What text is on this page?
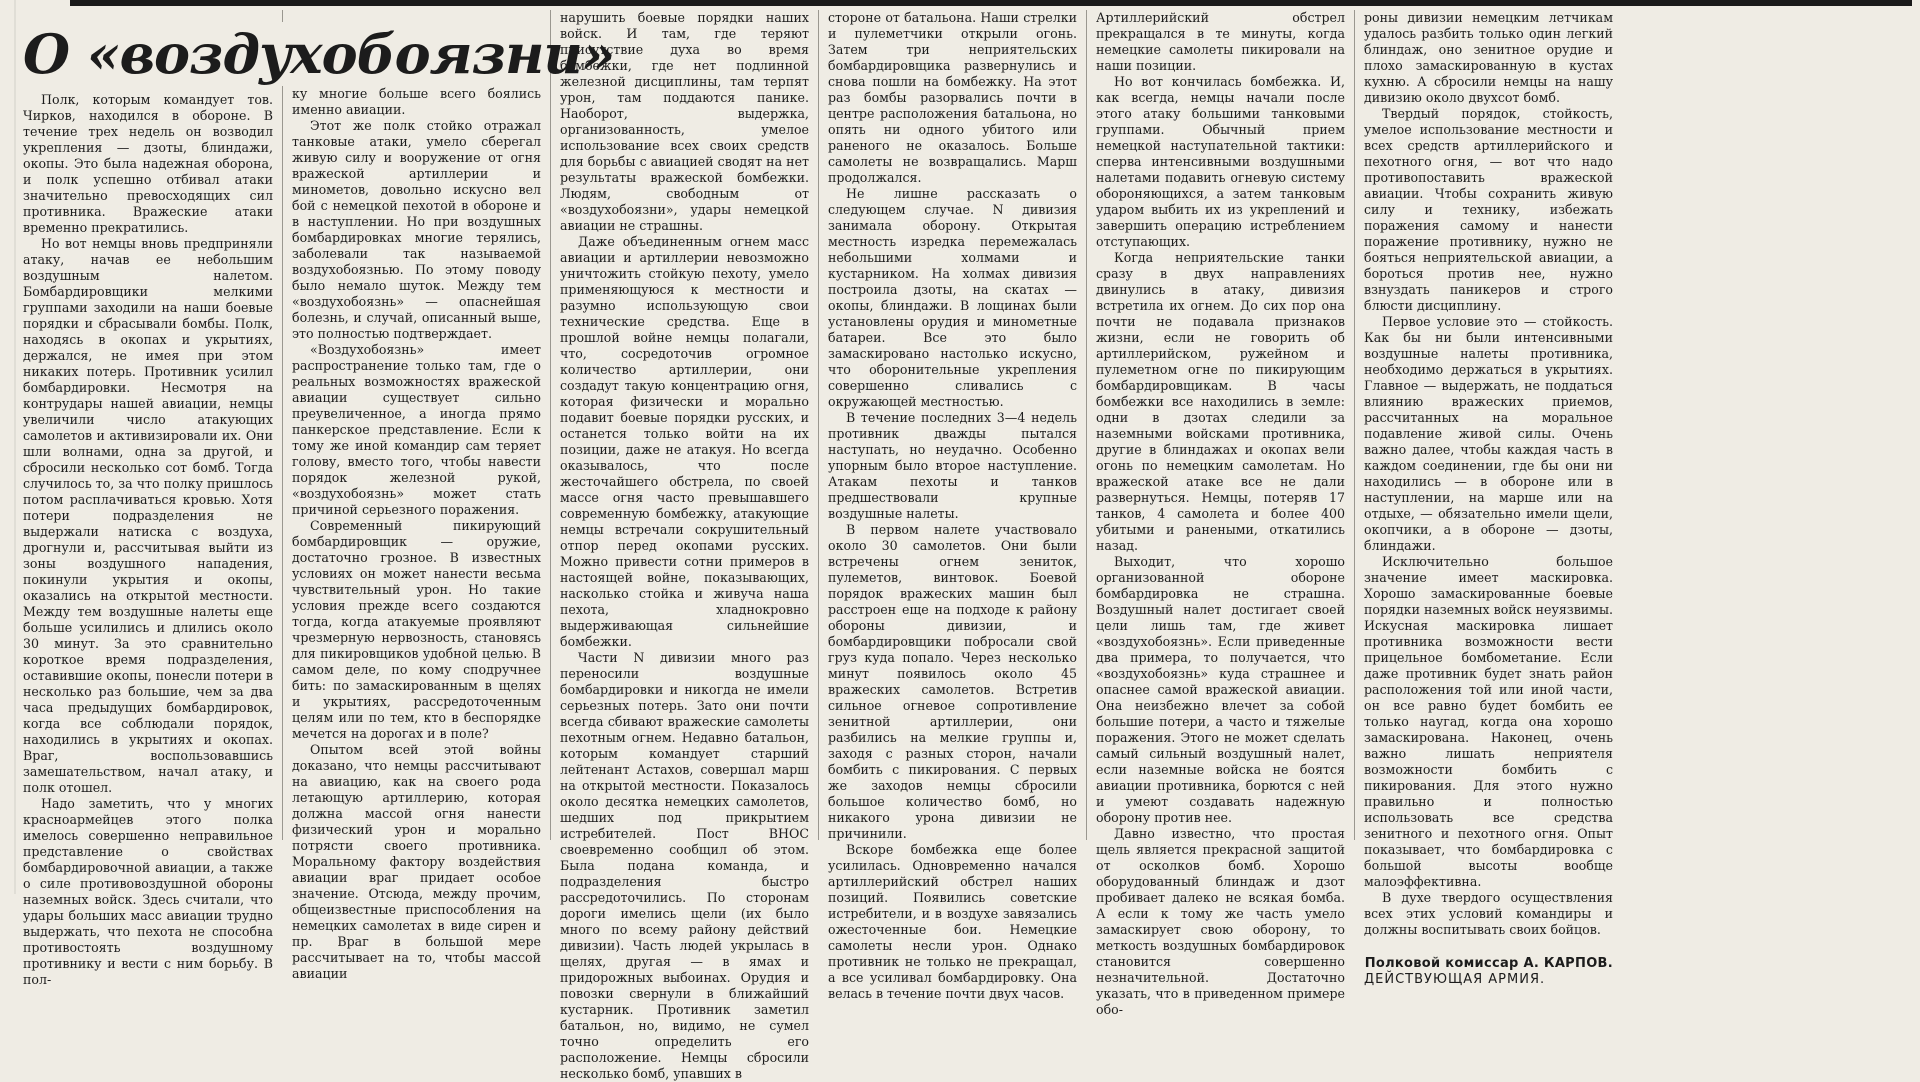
О «воздухобоязни»

Полк, которым командует тов. Чирков, находился в обороне. В течение трех недель он возводил укрепления — дзоты, блиндажи, окопы. Это была надежная оборона, и полк успешно отбивал атаки значительно превосходящих сил противника. Вражеские атаки временно прекратились.

Но вот немцы вновь предприняли атаку, начав ее небольшим воздушным налетом. Бомбардировщики мелкими группами заходили на наши боевые порядки и сбрасывали бомбы. Полк, находясь в окопах и укрытиях, держался, не имея при этом никаких потерь. Противник усилил бомбардировки. Несмотря на контрудары нашей авиации, немцы увеличили число атакующих самолетов и активизировали их. Они шли волнами, одна за другой, и сбросили несколько сот бомб. Тогда случилось то, за что полку пришлось потом расплачиваться кровью. Хотя потери подразделения не выдержали натиска с воздуха, дрогнули и, рассчитывая выйти из зоны воздушного нападения, покинули укрытия и окопы, оказались на открытой местности. Между тем воздушные налеты еще больше усилились и длились около 30 минут. За это сравнительно короткое время подразделения, оставившие окопы, понесли потери в несколько раз большие, чем за два часа предыдущих бомбардировок, когда все соблюдали порядок, находились в укрытиях и окопах. Враг, воспользовавшись замешательством, начал атаку, и полк отошел.

Надо заметить, что у многих красноармейцев этого полка имелось совершенно неправильное представление о свойствах бомбардировочной авиации, а также о силе противовоздушной обороны наземных войск. Здесь считали, что удары больших масс авиации трудно выдержать, что пехота не способна противостоять воздушному противнику и вести с ним борьбу. В пол-

ку многие больше всего боялись именно авиации.

Этот же полк стойко отражал танковые атаки, умело сберегал живую силу и вооружение от огня вражеской артиллерии и минометов, довольно искусно вел бой с немецкой пехотой в обороне и в наступлении. Но при воздушных бомбардировках многие терялись, заболевали так называемой воздухобоязнью. По этому поводу было немало шуток. Между тем «воздухобоязнь» — опаснейшая болезнь, и случай, описанный выше, это полностью подтверждает.

«Воздухобоязнь» имеет распространение только там, где о реальных возможностях вражеской авиации существует сильно преувеличенное, а иногда прямо панкерское представление. Если к тому же иной командир сам теряет голову, вместо того, чтобы навести порядок железной рукой, «воздухобоязнь» может стать причиной серьезного поражения.

Современный пикирующий бомбардировщик — оружие, достаточно грозное. В известных условиях он может нанести весьма чувствительный урон. Но такие условия прежде всего создаются тогда, когда атакуемые проявляют чрезмерную нервозность, становясь для пикировщиков удобной целью. В самом деле, по кому сподручнее бить: по замаскированным в щелях и укрытиях, рассредоточенным целям или по тем, кто в беспорядке мечется на дорогах и в поле?

Опытом всей этой войны доказано, что немцы рассчитывают на авиацию, как на своего рода летающую артиллерию, которая должна массой огня нанести физический урон и морально потрясти своего противника. Моральному фактору воздействия авиации враг придает особое значение. Отсюда, между прочим, общеизвестные приспособления на немецких самолетах в виде сирен и пр. Враг в большой мере рассчитывает на то, чтобы массой авиации

нарушить боевые порядки наших войск. И там, где теряют присутствие духа во время бомбежки, где нет подлинной железной дисциплины, там терпят урон, там поддаются панике. Наоборот, выдержка, организованность, умелое использование всех своих средств для борьбы с авиацией сводят на нет результаты вражеской бомбежки. Людям, свободным от «воздухобоязни», удары немецкой авиации не страшны.

Даже объединенным огнем масс авиации и артиллерии невозможно уничтожить стойкую пехоту, умело применяющуюся к местности и разумно использующую свои технические средства. Еще в прошлой войне немцы полагали, что, сосредоточив огромное количество артиллерии, они создадут такую концентрацию огня, которая физически и морально подавит боевые порядки русских, и останется только войти на их позиции, даже не атакуя. Но всегда оказывалось, что после жесточайшего обстрела, по своей массе огня часто превышавшего современную бомбежку, атакующие немцы встречали сокрушительный отпор перед окопами русских. Можно привести сотни примеров в настоящей войне, показывающих, насколько стойка и живуча наша пехота, хладнокровно выдерживающая сильнейшие бомбежки.

Части N дивизии много раз переносили воздушные бомбардировки и никогда не имели серьезных потерь. Зато они почти всегда сбивают вражеские самолеты пехотным огнем. Недавно батальон, которым командует старший лейтенант Астахов, совершал марш на открытой местности. Показалось около десятка немецких самолетов, шедших под прикрытием истребителей. Пост ВНОС своевременно сообщил об этом. Была подана команда, и подразделения быстро рассредоточились. По сторонам дороги имелись щели (их было много по всему району действий дивизии). Часть людей укрылась в щелях, другая — в ямах и придорожных выбоинах. Орудия и повозки свернули в ближайший кустарник. Противник заметил батальон, но, видимо, не сумел точно определить его расположение. Немцы сбросили несколько бомб, упавших в

стороне от батальона. Наши стрелки и пулеметчики открыли огонь. Затем три неприятельских бомбардировщика развернулись и снова пошли на бомбежку. На этот раз бомбы разорвались почти в центре расположения батальона, но опять ни одного убитого или раненого не оказалось. Больше самолеты не возвращались. Марш продолжался.

Не лишне рассказать о следующем случае. N дивизия занимала оборону. Открытая местность изредка перемежалась небольшими холмами и кустарником. На холмах дивизия построила дзоты, на скатах — окопы, блиндажи. В лощинах были установлены орудия и минометные батареи. Все это было замаскировано настолько искусно, что оборонительные укрепления совершенно сливались с окружающей местностью.

В течение последних 3—4 недель противник дважды пытался наступать, но неудачно. Особенно упорным было второе наступление. Атакам пехоты и танков предшествовали крупные воздушные налеты.

В первом налете участвовало около 30 самолетов. Они были встречены огнем зениток, пулеметов, винтовок. Боевой порядок вражеских машин был расстроен еще на подходе к району обороны дивизии, и бомбардировщики побросали свой груз куда попало. Через несколько минут появилось около 45 вражеских самолетов. Встретив сильное огневое сопротивление зенитной артиллерии, они разбились на мелкие группы и, заходя с разных сторон, начали бомбить с пикирования. С первых же заходов немцы сбросили большое количество бомб, но никакого урона дивизии не причинили.

Вскоре бомбежка еще более усилилась. Одновременно начался артиллерийский обстрел наших позиций. Появились советские истребители, и в воздухе завязались ожесточенные бои. Немецкие самолеты несли урон. Однако противник не только не прекращал, а все усиливал бомбардировку. Она велась в течение почти двух часов.

Артиллерийский обстрел прекращался в те минуты, когда немецкие самолеты пикировали на наши позиции.

Но вот кончилась бомбежка. И, как всегда, немцы начали после этого атаку большими танковыми группами. Обычный прием немецкой наступательной тактики: сперва интенсивными воздушными налетами подавить огневую систему обороняющихся, а затем танковым ударом выбить их из укреплений и завершить операцию истреблением отступающих.

Когда неприятельские танки сразу в двух направлениях двинулись в атаку, дивизия встретила их огнем. До сих пор она почти не подавала признаков жизни, если не говорить об артиллерийском, ружейном и пулеметном огне по пикирующим бомбардировщикам. В часы бомбежки все находились в земле: одни в дзотах следили за наземными войсками противника, другие в блиндажах и окопах вели огонь по немецким самолетам. Но вражеской атаке все не дали развернуться. Немцы, потеряв 17 танков, 4 самолета и более 400 убитыми и ранеными, откатились назад.

Выходит, что хорошо организованной обороне бомбардировка не страшна. Воздушный налет достигает своей цели лишь там, где живет «воздухобоязнь». Если приведенные два примера, то получается, что «воздухобоязнь» куда страшнее и опаснее самой вражеской авиации. Она неизбежно влечет за собой большие потери, а часто и тяжелые поражения. Этого не может сделать самый сильный воздушный налет, если наземные войска не боятся авиации противника, борются с ней и умеют создавать надежную оборону против нее.

Давно известно, что простая щель является прекрасной защитой от осколков бомб. Хорошо оборудованный блиндаж и дзот пробивает далеко не всякая бомба. А если к тому же часть умело замаскирует свою оборону, то меткость воздушных бомбардировок становится совершенно незначительной. Достаточно указать, что в приведенном примере обо-

роны дивизии немецким летчикам удалось разбить только один легкий блиндаж, оно зенитное орудие и плохо замаскированную в кустах кухню. А сбросили немцы на нашу дивизию около двухсот бомб.

Твердый порядок, стойкость, умелое использование местности и всех средств артиллерийского и пехотного огня, — вот что надо противопоставить вражеской авиации. Чтобы сохранить живую силу и технику, избежать поражения самому и нанести поражение противнику, нужно не бояться неприятельской авиации, а бороться против нее, нужно взнуздать паникеров и строго блюсти дисциплину.

Первое условие это — стойкость. Как бы ни были интенсивными воздушные налеты противника, необходимо держаться в укрытиях. Главное — выдержать, не поддаться влиянию вражеских приемов, рассчитанных на моральное подавление живой силы. Очень важно далее, чтобы каждая часть в каждом соединении, где бы они ни находились — в обороне или в наступлении, на марше или на отдыхе, — обязательно имели щели, окопчики, а в обороне — дзоты, блиндажи.

Исключительно большое значение имеет маскировка. Хорошо замаскированные боевые порядки наземных войск неуязвимы. Искусная маскировка лишает противника возможности вести прицельное бомбометание. Если даже противник будет знать район расположения той или иной части, он все равно будет бомбить ее только наугад, когда она хорошо замаскирована. Наконец, очень важно лишать неприятеля возможности бомбить с пикирования. Для этого нужно правильно и полностью использовать все средства зенитного и пехотного огня. Опыт показывает, что бомбардировка с большой высоты вообще малоэффективна.

В духе твердого осуществления всех этих условий командиры и должны воспитывать своих бойцов.

Полковой комиссар А. КАРПОВ.

ДЕЙСТВУЮЩАЯ АРМИЯ.
